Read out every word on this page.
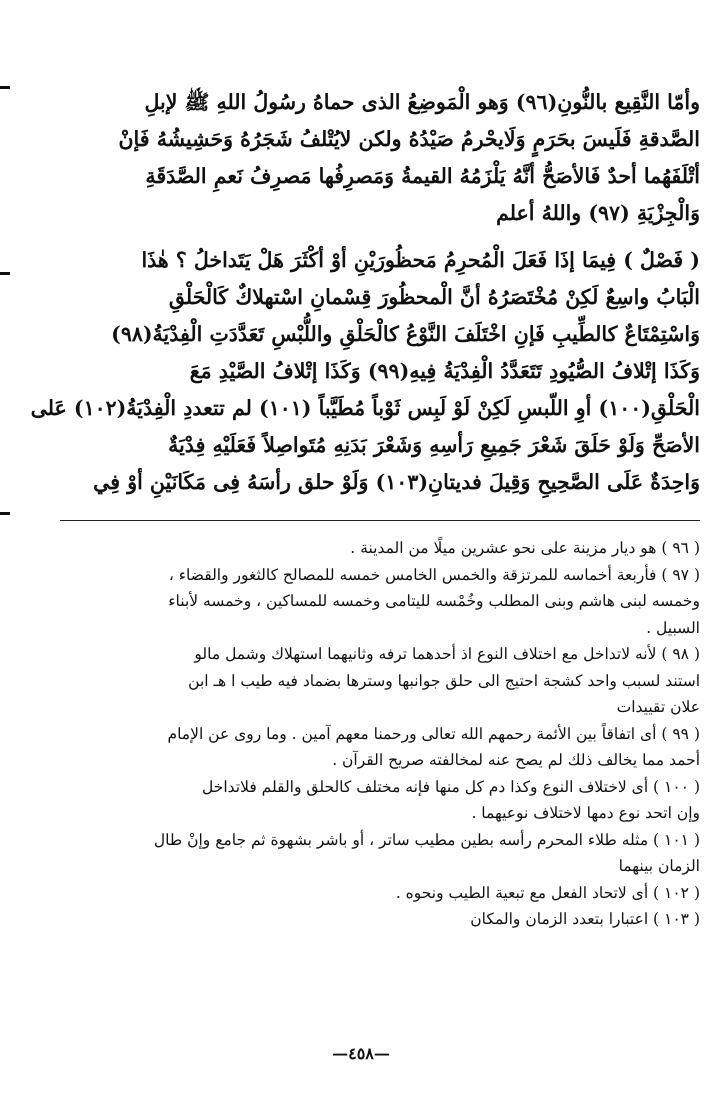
وأمّا النَّقِيع بالنُّونِ(٩٦) وَهو الْمَوضِعُ الذى حماهُ رسُولُ اللهِ ﷺ لإبلِ
الصَّدقةِ فَلَيسَ بحَرَمٍ وَلَايحْرمُ صَيْدُهُ ولكن لايُتْلفُ شَجَرُهُ وَحَشِيشُهُ فَإنْ
أتْلَفَهُما أحدٌ فَالأصَحُّ أنَّهُ يَلْزَمُهُ القيمةُ وَمَصرِفُها مَصرِفُ نَعمِ الصَّدَقَةِ
وَالْجِزْيَةِ (٩٧) واللهُ أعلم
( فَصْلٌ ) فِيمَا إذَا فَعَلَ الْمُحرِمُ مَحظُورَيْنِ أوْ أكْثَرَ هَلْ يَتَداخلُ ؟ هٰذَا
الْبَابُ واسِعٌ لَكِنْ مُخْتَصَرُهُ أنَّ الْمحظُورَ قِسْمانِ اسْتهلاكٌ كَالْحَلْقِ
وَاسْتِمْتَاعٌ كالطِّيبِ فَإنِ اخْتَلَفَ النَّوْعُ كالْحَلْقِ واللُّبْسِ تَعَدَّدَتِ الْفِدْيَةُ(٩٨)
وَكَذَا إتْلافُ الصُّيُودِ تَتَعَدَّدُ الْفِدْيَةُ فِيهِ(٩٩) وَكَذَا إتْلافُ الصَّيْدِ مَعَ
الْحَلْقِ(١٠٠) أوِ اللّبسِ لَكِنْ لَوْ لَبِس ثَوْباً مُطَيَّباً (١٠١) لم تتعددِ الْفِدْيَةُ(١٠٢) عَلى
الأصَحِّ وَلَوْ حَلَقَ شَعْرَ جَمِيعِ رَأسِهِ وَشَعْرَ بَدَنِهِ مُتَواصِلاً فَعَلَيْهِ فِدْيَةٌ
وَاحِدَةٌ عَلَى الصَّحِيحِ وَقِيلَ فديتانِ(١٠٣) وَلَوْ حلق رأسَهُ فِى مَكَانَيْنِ أوْ فِي
( ٩٦ ) هو ديار مزينة على نحو عشرين ميلًا من المدينة .
( ٩٧ ) فأربعة أخماسه للمرتزقة والخمس الخامس خمسه للمصالح كالثغور والقضاء ،
وخمسه لبنى هاشم وبنى المطلب وخُمْسه لليتامى وخمسه للمساكين ، وخمسه لأبناء
السبيل .
( ٩٨ ) لأنه لاتداخل مع اختلاف النوع اذ أحدهما ترفه وثانيهما استهلاك وشمل مالو
استند لسبب واحد كشجة احتيج الى حلق جوانبها وسترها بضماد فيه طيب ا هـ ابن
علان تقييدات
( ٩٩ ) أى اتفاقاً بين الأئمة رحمهم الله تعالى ورحمنا معهم آمين . وما روى عن الإمام
أحمد مما يخالف ذلك لم يصح عنه لمخالفته صريح القرآن .
( ١٠٠ ) أى لاختلاف النوع وكذا دم كل منها فإنه مختلف كالحلق والقلم فلاتداخل
وإن اتحد نوع دمها لاختلاف نوعيهما .
( ١٠١ ) مثله طلاء المحرم رأسه بطين مطيب ساتر ، أو باشر بشهوة ثم جامع وإنْ طال
الزمان بينهما
( ١٠٢ ) أى لاتحاد الفعل مع تبعية الطيب ونحوه .
( ١٠٣ ) اعتبارا بتعدد الزمان والمكان
—٤٥٨—
